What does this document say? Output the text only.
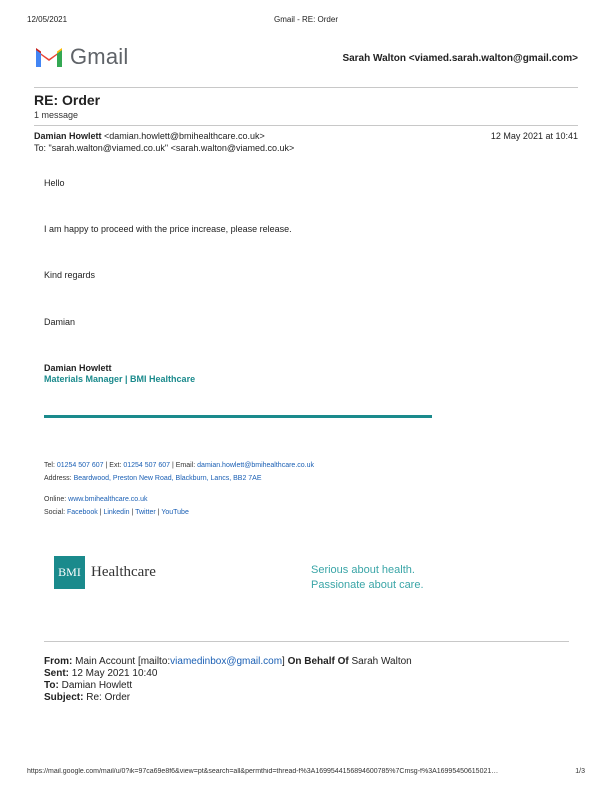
12/05/2021	Gmail - RE: Order
Gmail	Sarah Walton <viamed.sarah.walton@gmail.com>
RE: Order
1 message
Damian Howlett <damian.howlett@bmihealthcare.co.uk>	12 May 2021 at 10:41
To: "sarah.walton@viamed.co.uk" <sarah.walton@viamed.co.uk>
Hello
I am happy to proceed with the price increase, please release.
Kind regards
Damian
Damian Howlett
Materials Manager | BMI Healthcare
Tel: 01254 507 607 | Ext: 01254 507 607 | Email: damian.howlett@bmihealthcare.co.uk
Address: Beardwood, Preston New Road, Blackburn, Lancs, BB2 7AE
Online: www.bmihealthcare.co.uk
Social: Facebook | Linkedin | Twitter | YouTube
BMI Healthcare	Serious about health.
Passionate about care.
From: Main Account [mailto:viamedinbox@gmail.com] On Behalf Of Sarah Walton
Sent: 12 May 2021 10:40
To: Damian Howlett
Subject: Re: Order
https://mail.google.com/mail/u/0?ik=97ca69e8f6&view=pt&search=all&permthid=thread-f%3A1699544156894600785%7Cmsg-f%3A16995450615021…	1/3
